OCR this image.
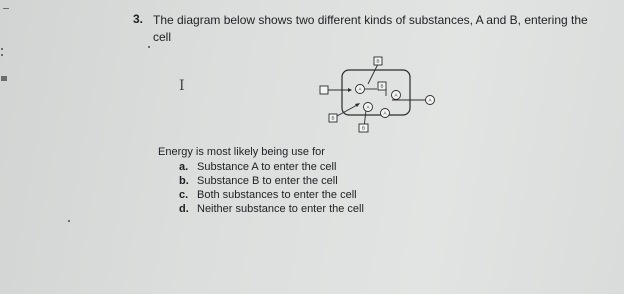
3. The diagram below shows two different kinds of substances, A and B, entering the cell
I
B
A
B
A
A
A
A
B
B
Energy is most likely being use for
a. Substance A to enter the cell
b. Substance B to enter the cell
c. Both substances to enter the cell
d. Neither substance to enter the cell
